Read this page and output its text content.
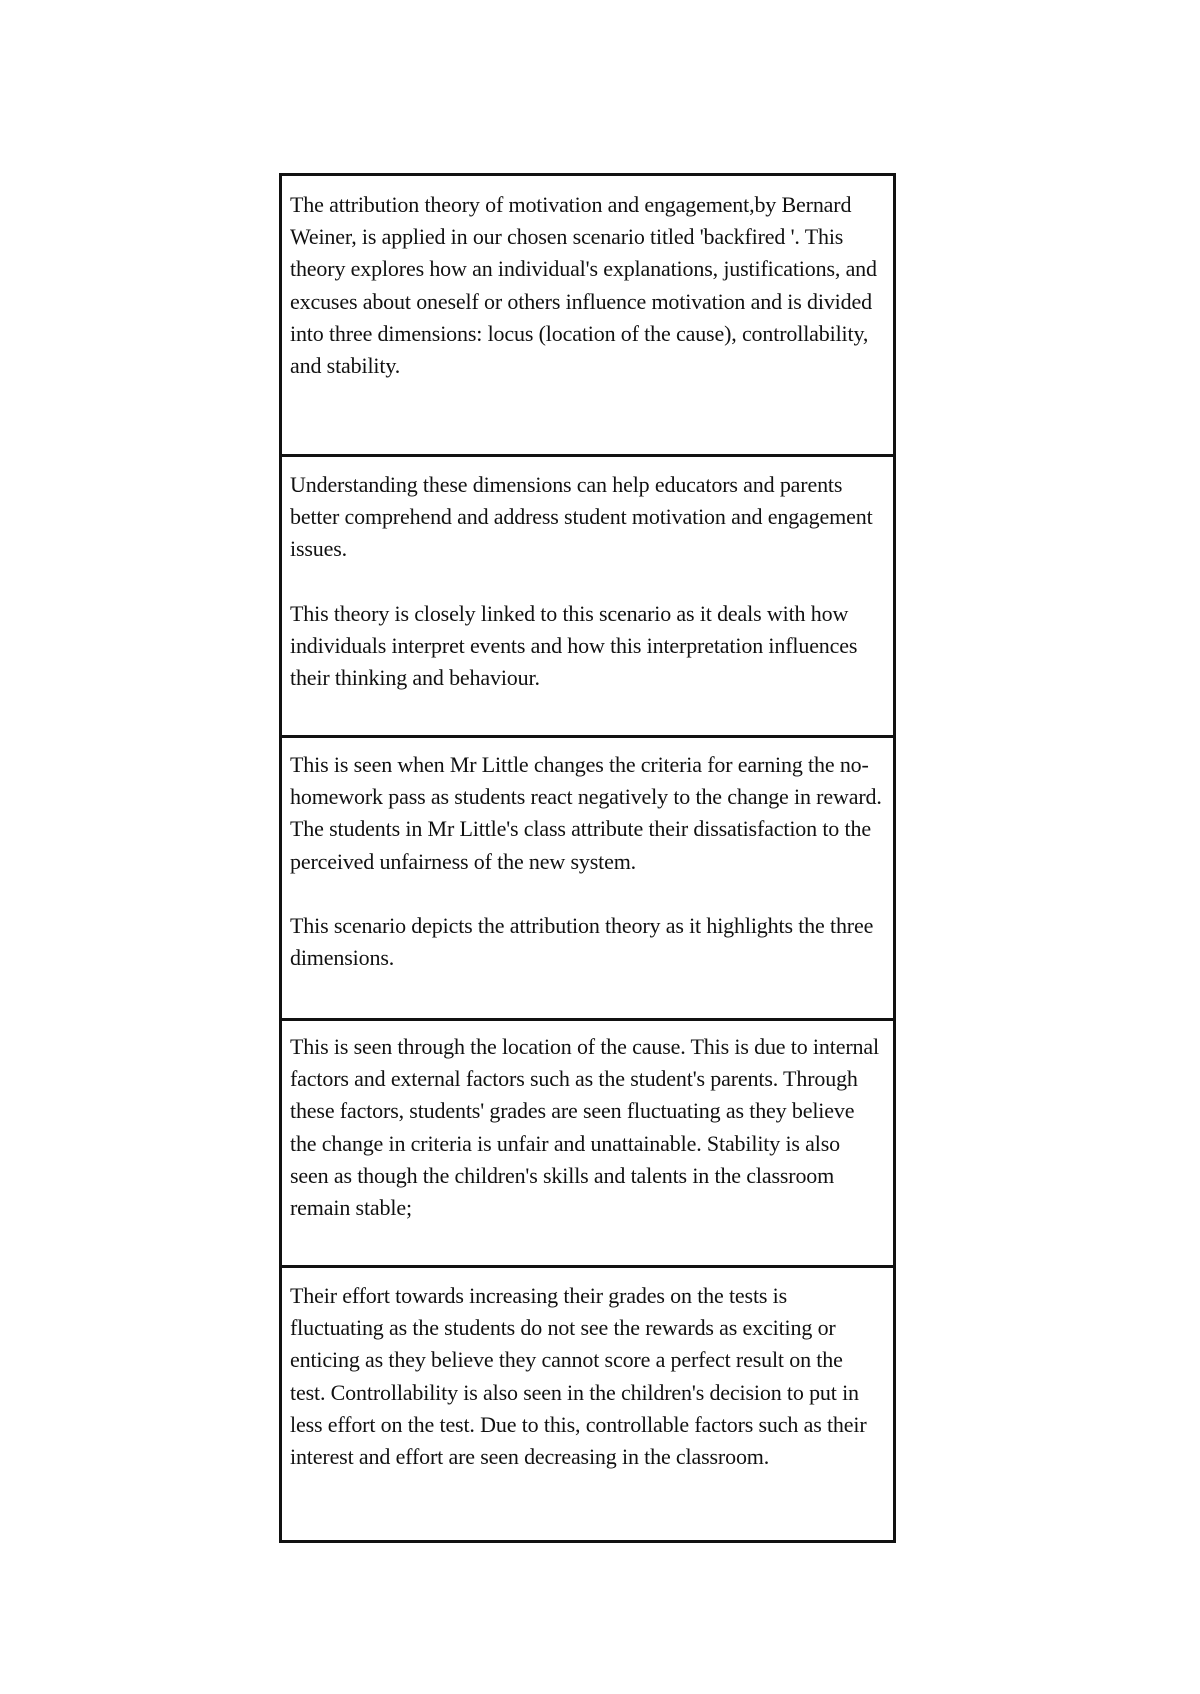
The attribution theory of motivation and engagement,by Bernard Weiner, is applied in our chosen scenario titled 'backfired '. This theory explores how an individual's explanations, justifications, and excuses about oneself or others influence motivation and is divided into three dimensions: locus (location of the cause), controllability, and stability.

Understanding these dimensions can help educators and parents better comprehend and address student motivation and engagement issues.

This theory is closely linked to this scenario as it deals with how individuals interpret events and how this interpretation influences their thinking and behaviour.

This is seen when Mr Little changes the criteria for earning the no-homework pass as students react negatively to the change in reward. The students in Mr Little's class attribute their dissatisfaction to the perceived unfairness of the new system.

This scenario depicts the attribution theory as it highlights the three dimensions.

This is seen through the location of the cause. This is due to internal factors and external factors such as the student's parents. Through these factors, students' grades are seen fluctuating as they believe the change in criteria is unfair and unattainable. Stability is also seen as though the children's skills and talents in the classroom remain stable;

Their effort towards increasing their grades on the tests is fluctuating as the students do not see the rewards as exciting or enticing as they believe they cannot score a perfect result on the test. Controllability is also seen in the children's decision to put in less effort on the test. Due to this, controllable factors such as their interest and effort are seen decreasing in the classroom.
